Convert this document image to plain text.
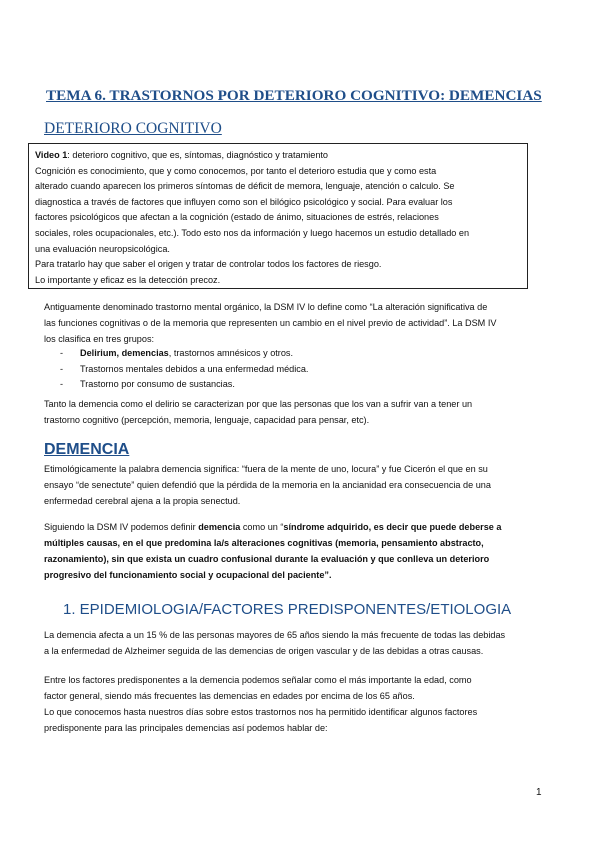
TEMA 6. TRASTORNOS POR DETERIORO COGNITIVO: DEMENCIAS
DETERIORO COGNITIVO

Video 1: deterioro cognitivo, que es, síntomas, diagnóstico y tratamiento

Cognición es conocimiento, que y como conocemos, por tanto el deterioro estudia que y como esta

alterado cuando aparecen los primeros síntomas de déficit de memora, lenguaje, atención o calculo. Se

diagnostica a través de factores que influyen como son el bilógico psicológico y social. Para evaluar los

factores psicológicos que afectan a la cognición (estado de ánimo, situaciones de estrés, relaciones

sociales, roles ocupacionales, etc.). Todo esto nos da información y luego hacemos un estudio detallado en

una evaluación neuropsicológica.

Para tratarlo hay que saber el origen y tratar de controlar todos los factores de riesgo.

Lo importante y eficaz es la detección precoz.

Antiguamente denominado trastorno mental orgánico, la DSM IV lo define como “La alteración significativa de

las funciones cognitivas o de la memoria que representen un cambio en el nivel previo de actividad”. La DSM IV

los clasifica en tres grupos:

- Delirium, demencias, trastornos amnésicos y otros.
- Trastornos mentales debidos a una enfermedad médica.
- Trastorno por consumo de sustancias.

Tanto la demencia como el delirio se caracterizan por que las personas que los van a sufrir van a tener un

trastorno cognitivo (percepción, memoria, lenguaje, capacidad para pensar, etc).

DEMENCIA

Etimológicamente la palabra demencia significa: “fuera de la mente de uno, locura” y fue Cicerón el que en su

ensayo “de senectute” quien defendió que la pérdida de la memoria en la ancianidad era consecuencia de una

enfermedad cerebral ajena a la propia senectud.

Siguiendo la DSM IV podemos definir demencia como un “síndrome adquirido, es decir que puede deberse a

múltiples causas, en el que predomina la/s alteraciones cognitivas (memoria, pensamiento abstracto,

razonamiento), sin que exista un cuadro confusional durante la evaluación y que conlleva un deterioro

progresivo del funcionamiento social y ocupacional del paciente”.

1. EPIDEMIOLOGIA/FACTORES PREDISPONENTES/ETIOLOGIA

La demencia afecta a un 15 % de las personas mayores de 65 años siendo la más frecuente de todas las debidas

a la enfermedad de Alzheimer seguida de las demencias de origen vascular y de las debidas a otras causas.

Entre los factores predisponentes a la demencia podemos señalar como el más importante la edad, como

factor general, siendo más frecuentes las demencias en edades por encima de los 65 años.

Lo que conocemos hasta nuestros días sobre estos trastornos nos ha permitido identificar algunos factores

predisponente para las principales demencias así podemos hablar de:

1
